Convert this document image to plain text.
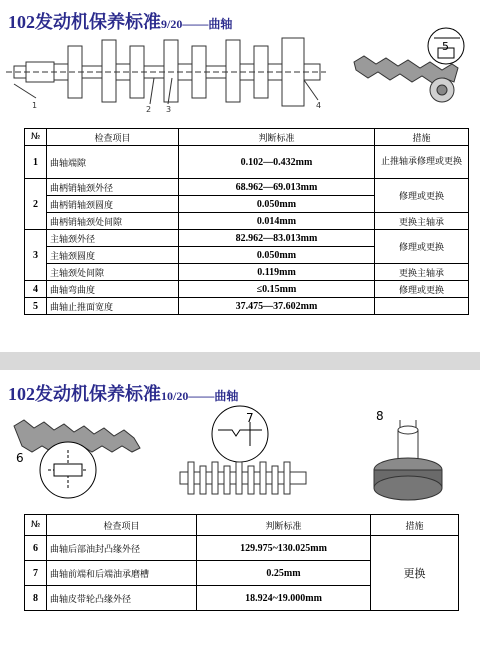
102发动机保养标准9/20——曲轴
1	2 3	4
5
№	检查项目	判断标准	措施
1	曲轴端隙	0.102—0.432mm	止推轴承修理或更换
2	曲柄销轴颈外径	68.962—69.013mm	修理或更换
	曲柄销轴颈圆度	0.050mm	
	曲柄销轴颈处间隙	0.014mm	更换主轴承
3	主轴颈外径	82.962—83.013mm	修理或更换
	主轴颈圆度	0.050mm	
	主轴颈处间隙	0.119mm	更换主轴承
4	曲轴弯曲度	≤0.15mm	修理或更换
5	曲轴止推面宽度	37.475—37.602mm	
102发动机保养标准10/20——曲轴
6
7	8
№	检查项目	判断标准	措施
6	曲轴后部油封凸缘外径	129.975~130.025mm	更换
7	曲轴前端和后端油承磨槽	0.25mm	
8	曲轴皮带轮凸缘外径	18.924~19.000mm	
